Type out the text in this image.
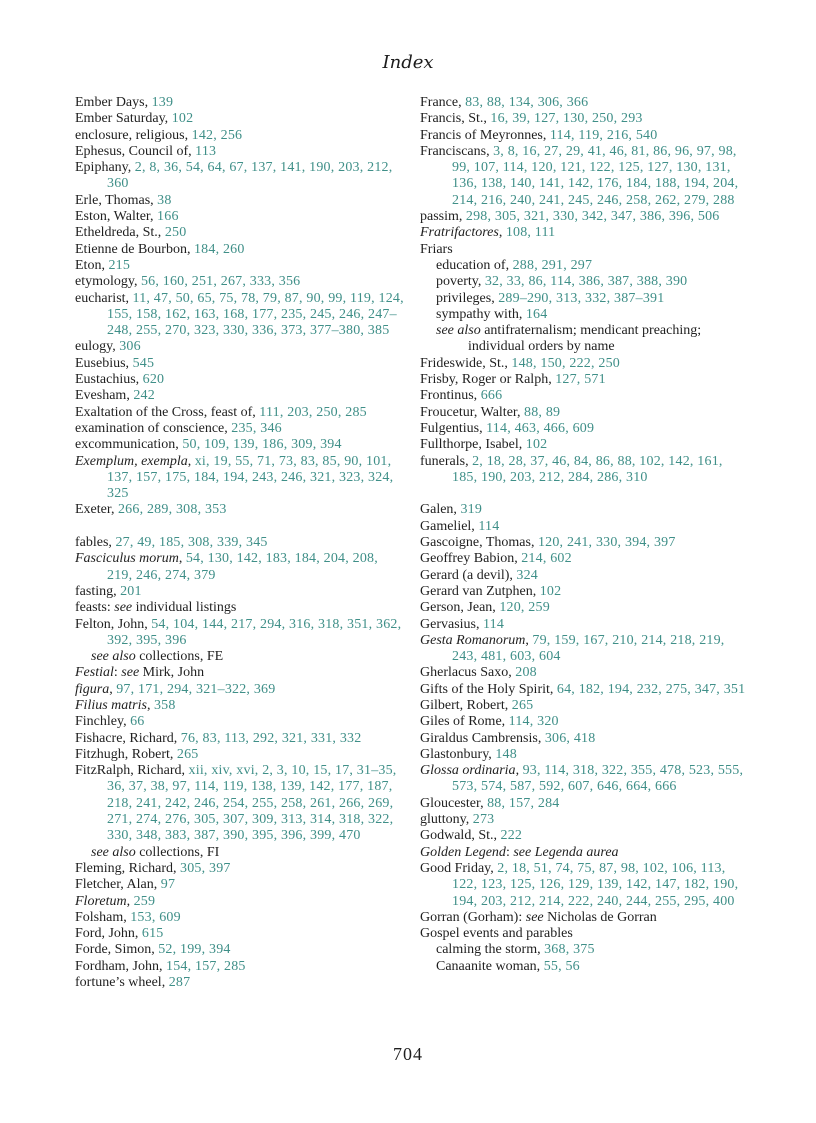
Index
Ember Days, 139
Ember Saturday, 102
enclosure, religious, 142, 256
Ephesus, Council of, 113
Epiphany, 2, 8, 36, 54, 64, 67, 137, 141, 190, 203, 212, 360
Erle, Thomas, 38
Eston, Walter, 166
Etheldreda, St., 250
Etienne de Bourbon, 184, 260
Eton, 215
etymology, 56, 160, 251, 267, 333, 356
eucharist, 11, 47, 50, 65, 75, 78, 79, 87, 90, 99, 119, 124, 155, 158, 162, 163, 168, 177, 235, 245, 246, 247–248, 255, 270, 323, 330, 336, 373, 377–380, 385
eulogy, 306
Eusebius, 545
Eustachius, 620
Evesham, 242
Exaltation of the Cross, feast of, 111, 203, 250, 285
examination of conscience, 235, 346
excommunication, 50, 109, 139, 186, 309, 394
Exemplum, exempla, xi, 19, 55, 71, 73, 83, 85, 90, 101, 137, 157, 175, 184, 194, 243, 246, 321, 323, 324, 325
Exeter, 266, 289, 308, 353
fables, 27, 49, 185, 308, 339, 345
Fasciculus morum, 54, 130, 142, 183, 184, 204, 208, 219, 246, 274, 379
fasting, 201
feasts: see individual listings
Felton, John, 54, 104, 144, 217, 294, 316, 318, 351, 362, 392, 395, 396
see also collections, FE
Festial: see Mirk, John
figura, 97, 171, 294, 321–322, 369
Filius matris, 358
Finchley, 66
Fishacre, Richard, 76, 83, 113, 292, 321, 331, 332
Fitzhugh, Robert, 265
FitzRalph, Richard, xii, xiv, xvi, 2, 3, 10, 15, 17, 31–35, 36, 37, 38, 97, 114, 119, 138, 139, 142, 177, 187, 218, 241, 242, 246, 254, 255, 258, 261, 266, 269, 271, 274, 276, 305, 307, 309, 313, 314, 318, 322, 330, 348, 383, 387, 390, 395, 396, 399, 470
see also collections, FI
Fleming, Richard, 305, 397
Fletcher, Alan, 97
Floretum, 259
Folsham, 153, 609
Ford, John, 615
Forde, Simon, 52, 199, 394
Fordham, John, 154, 157, 285
fortune’s wheel, 287
France, 83, 88, 134, 306, 366
Francis, St., 16, 39, 127, 130, 250, 293
Francis of Meyronnes, 114, 119, 216, 540
Franciscans, 3, 8, 16, 27, 29, 41, 46, 81, 86, 96, 97, 98, 99, 107, 114, 120, 121, 122, 125, 127, 130, 131, 136, 138, 140, 141, 142, 176, 184, 188, 194, 204, 214, 216, 240, 241, 245, 246, 258, 262, 279, 288
passim, 298, 305, 321, 330, 342, 347, 386, 396, 506
Fratrifactores, 108, 111
Friars
education of, 288, 291, 297
poverty, 32, 33, 86, 114, 386, 387, 388, 390
privileges, 289–290, 313, 332, 387–391
sympathy with, 164
see also antifraternalism; mendicant preaching; individual orders by name
Frideswide, St., 148, 150, 222, 250
Frisby, Roger or Ralph, 127, 571
Frontinus, 666
Froucetur, Walter, 88, 89
Fulgentius, 114, 463, 466, 609
Fullthorpe, Isabel, 102
funerals, 2, 18, 28, 37, 46, 84, 86, 88, 102, 142, 161, 185, 190, 203, 212, 284, 286, 310
Galen, 319
Gameliel, 114
Gascoigne, Thomas, 120, 241, 330, 394, 397
Geoffrey Babion, 214, 602
Gerard (a devil), 324
Gerard van Zutphen, 102
Gerson, Jean, 120, 259
Gervasius, 114
Gesta Romanorum, 79, 159, 167, 210, 214, 218, 219, 243, 481, 603, 604
Gherlacus Saxo, 208
Gifts of the Holy Spirit, 64, 182, 194, 232, 275, 347, 351
Gilbert, Robert, 265
Giles of Rome, 114, 320
Giraldus Cambrensis, 306, 418
Glastonbury, 148
Glossa ordinaria, 93, 114, 318, 322, 355, 478, 523, 555, 573, 574, 587, 592, 607, 646, 664, 666
Gloucester, 88, 157, 284
gluttony, 273
Godwald, St., 222
Golden Legend: see Legenda aurea
Good Friday, 2, 18, 51, 74, 75, 87, 98, 102, 106, 113, 122, 123, 125, 126, 129, 139, 142, 147, 182, 190, 194, 203, 212, 214, 222, 240, 244, 255, 295, 400
Gorran (Gorham): see Nicholas de Gorran
Gospel events and parables
calming the storm, 368, 375
Canaanite woman, 55, 56
704
